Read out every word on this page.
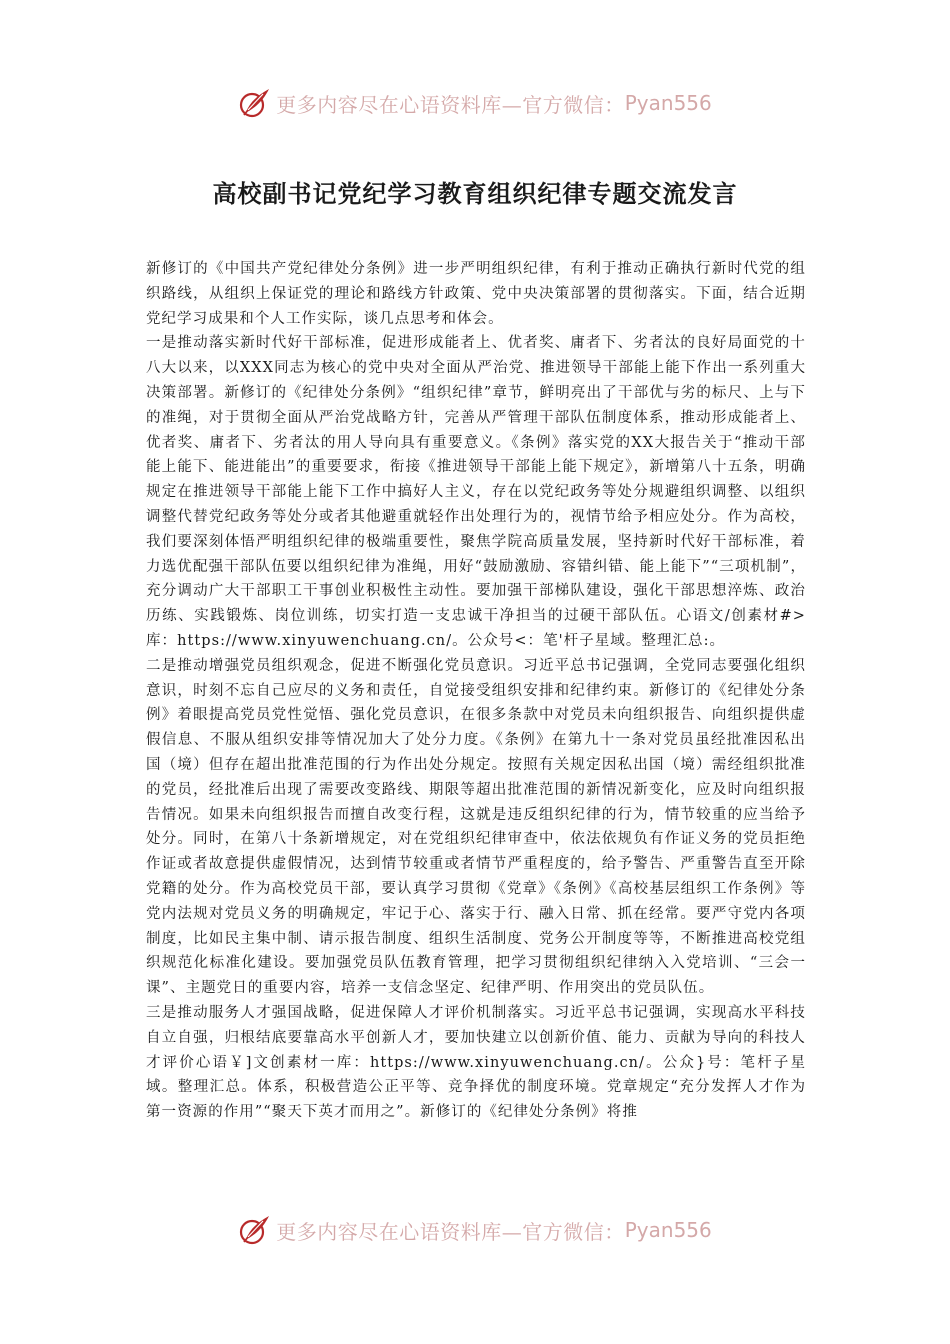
更多内容尽在心语资料库—官方微信： Pyan556
高校副书记党纪学习教育组织纪律专题交流发言

新修订的《中国共产党纪律处分条例》进一步严明组织纪律，有利于推动正确执行新时代党的组织路线，从组织上保证党的理论和路线方针政策、党中央决策部署的贯彻落实。下面，结合近期党纪学习成果和个人工作实际，谈几点思考和体会。

一是推动落实新时代好干部标准，促进形成能者上、优者奖、庸者下、劣者汰的良好局面党的十八大以来，以XXX同志为核心的党中央对全面从严治党、推进领导干部能上能下作出一系列重大决策部署。新修订的《纪律处分条例》“组织纪律”章节，鲜明亮出了干部优与劣的标尺、上与下的准绳，对于贯彻全面从严治党战略方针，完善从严管理干部队伍制度体系，推动形成能者上、优者奖、庸者下、劣者汰的用人导向具有重要意义。《条例》落实党的XX大报告关于“推动干部能上能下、能进能出”的重要要求，衔接《推进领导干部能上能下规定》，新增第八十五条，明确规定在推进领导干部能上能下工作中搞好人主义，存在以党纪政务等处分规避组织调整、以组织调整代替党纪政务等处分或者其他避重就轻作出处理行为的，视情节给予相应处分。作为高校，我们要深刻体悟严明组织纪律的极端重要性，聚焦学院高质量发展，坚持新时代好干部标准，着力选优配强干部队伍要以组织纪律为准绳，用好“鼓励激励、容错纠错、能上能下”“三项机制”，充分调动广大干部职工干事创业积极性主动性。要加强干部梯队建设，强化干部思想淬炼、政治历练、实践锻炼、岗位训练，切实打造一支忠诚干净担当的过硬干部队伍。心语文/创素材#>库：https://www.xinyuwenchuang.cn/。公众号<：笔'杆子星域。整理汇总:。

二是推动增强党员组织观念，促进不断强化党员意识。习近平总书记强调，全党同志要强化组织意识，时刻不忘自己应尽的义务和责任，自觉接受组织安排和纪律约束。新修订的《纪律处分条例》着眼提高党员党性觉悟、强化党员意识，在很多条款中对党员未向组织报告、向组织提供虚假信息、不服从组织安排等情况加大了处分力度。《条例》在第九十一条对党员虽经批准因私出国（境）但存在超出批准范围的行为作出处分规定。按照有关规定因私出国（境）需经组织批准的党员，经批准后出现了需要改变路线、期限等超出批准范围的新情况新变化，应及时向组织报告情况。如果未向组织报告而擅自改变行程，这就是违反组织纪律的行为，情节较重的应当给予处分。同时，在第八十条新增规定，对在党组织纪律审查中，依法依规负有作证义务的党员拒绝作证或者故意提供虚假情况，达到情节较重或者情节严重程度的，给予警告、严重警告直至开除党籍的处分。作为高校党员干部，要认真学习贯彻《党章》《条例》《高校基层组织工作条例》等党内法规对党员义务的明确规定，牢记于心、落实于行、融入日常、抓在经常。要严守党内各项制度，比如民主集中制、请示报告制度、组织生活制度、党务公开制度等等，不断推进高校党组织规范化标准化建设。要加强党员队伍教育管理，把学习贯彻组织纪律纳入入党培训、“三会一课”、主题党日的重要内容，培养一支信念坚定、纪律严明、作用突出的党员队伍。

三是推动服务人才强国战略，促进保障人才评价机制落实。习近平总书记强调，实现高水平科技自立自强，归根结底要靠高水平创新人才，要加快建立以创新价值、能力、贡献为导向的科技人才评价心语￥]文创素材一库：https://www.xinyuwenchuang.cn/。公众}号：笔杆子星域。整理汇总。体系，积极营造公正平等、竞争择优的制度环境。党章规定“充分发挥人才作为第一资源的作用”“聚天下英才而用之”。新修订的《纪律处分条例》将推

更多内容尽在心语资料库—官方微信： Pyan556
